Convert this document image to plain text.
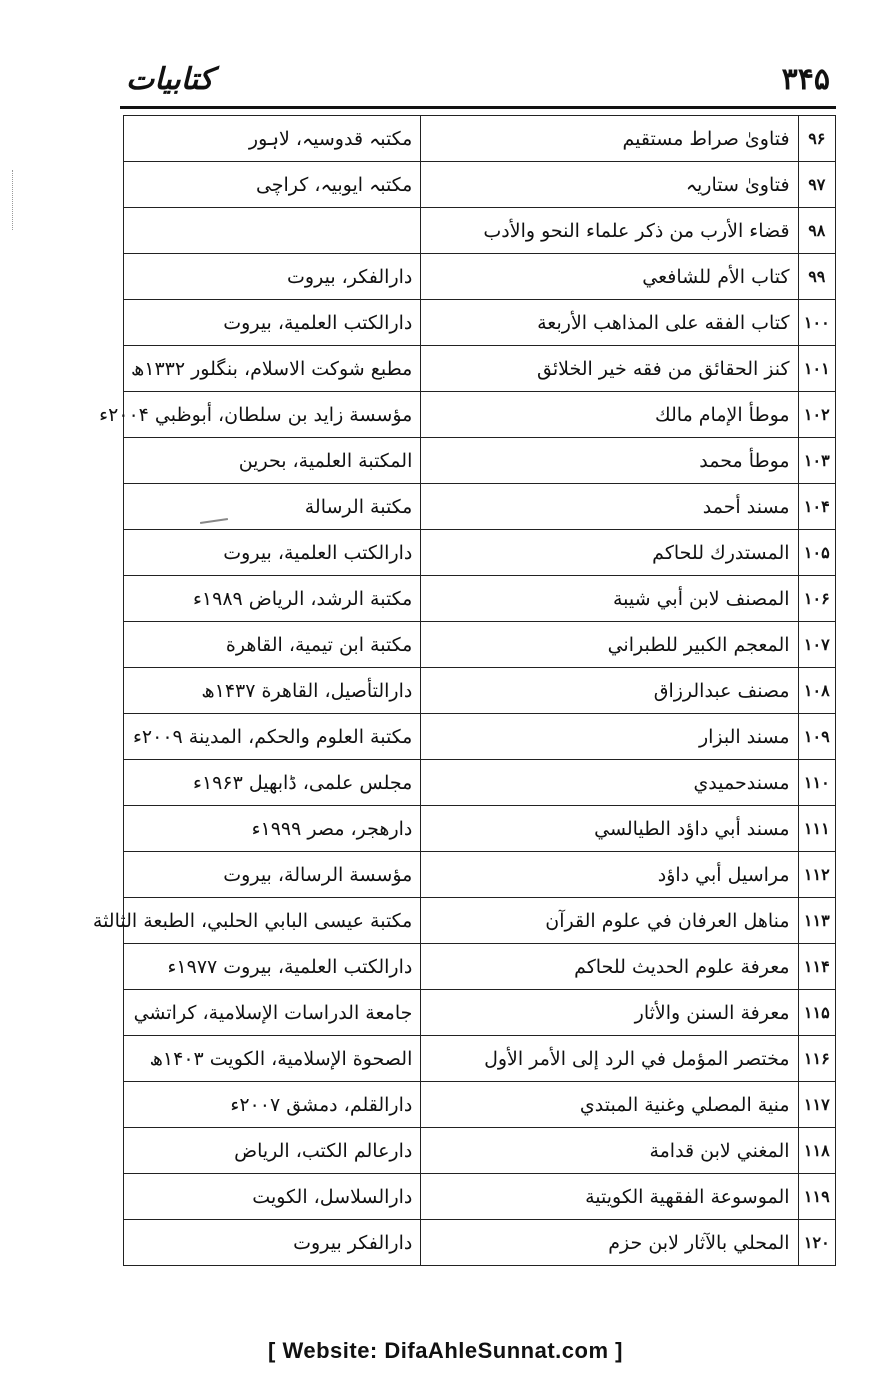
کتابیات	۳۴۵
۹۶	فتاویٰ صراط مستقیم	مکتبہ قدوسیہ، لاہور
۹۷	فتاویٰ ستاریہ	مکتبہ ایوبیہ، کراچی
۹۸	قضاء الأرب من ذكر علماء النحو والأدب	
۹۹	كتاب الأم للشافعي	دارالفكر، بيروت
۱۰۰	كتاب الفقه على المذاهب الأربعة	دارالكتب العلمية، بيروت
۱۰۱	كنز الحقائق من فقه خير الخلائق	مطبع شوکت الاسلام، بنگلور ۱۳۳۲ھ
۱۰۲	موطأ الإمام مالك	مؤسسة زايد بن سلطان، أبوظبي ۲۰۰۴ء
۱۰۳	موطأ محمد	المكتبة العلمية، بحرين
۱۰۴	مسند أحمد	مكتبة الرسالة
۱۰۵	المستدرك للحاكم	دارالكتب العلمية، بيروت
۱۰۶	المصنف لابن أبي شيبة	مكتبة الرشد، الرياض ۱۹۸۹ء
۱۰۷	المعجم الكبير للطبراني	مكتبة ابن تيمية، القاهرة
۱۰۸	مصنف عبدالرزاق	دارالتأصيل، القاهرة ۱۴۳۷ھ
۱۰۹	مسند البزار	مكتبة العلوم والحكم، المدينة ۲۰۰۹ء
۱۱۰	مسندحميدي	مجلس علمی، ڈابھیل ۱۹۶۳ء
۱۱۱	مسند أبي داؤد الطيالسي	دارهجر، مصر ۱۹۹۹ء
۱۱۲	مراسيل أبي داؤد	مؤسسة الرسالة، بيروت
۱۱۳	مناهل العرفان في علوم القرآن	مكتبة عيسى البابي الحلبي، الطبعة الثالثة
۱۱۴	معرفة علوم الحديث للحاكم	دارالكتب العلمية، بيروت ۱۹۷۷ء
۱۱۵	معرفة السنن والأثار	جامعة الدراسات الإسلامية، كراتشي
۱۱۶	مختصر المؤمل في الرد إلى الأمر الأول	الصحوة الإسلامية، الكويت ۱۴۰۳ھ
۱۱۷	منية المصلي وغنية المبتدي	دارالقلم، دمشق ۲۰۰۷ء
۱۱۸	المغني لابن قدامة	دارعالم الكتب، الرياض
۱۱۹	الموسوعة الفقهية الكويتية	دارالسلاسل، الكويت
۱۲۰	المحلي بالآثار لابن حزم	دارالفكر بيروت
[ Website: DifaAhleSunnat.com ]
